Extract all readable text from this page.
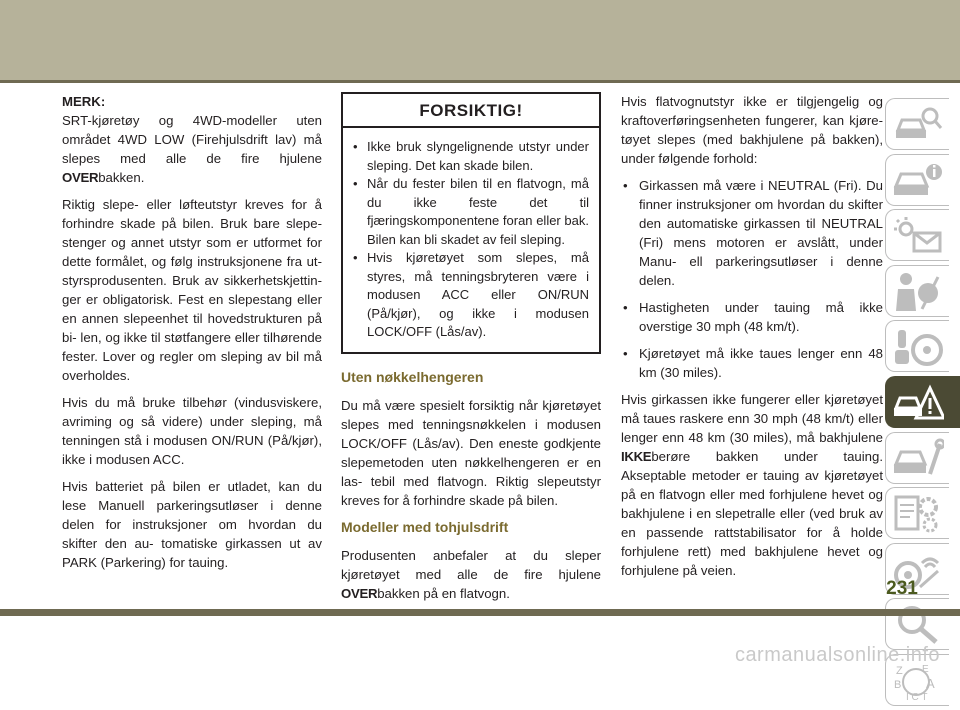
MERK:

SRT-kjøretøy og 4WD-modeller uten området 4WD LOW (Firehjulsdrift lav) må slepes med alle de fire hjulene OVERbakken.

Riktig slepe- eller løfteutstyr kreves for å forhindre skade på bilen. Bruk bare slepe- stenger og annet utstyr som er utformet for dette formålet, og følg instruksjonene fra ut- styrsprodusenten. Bruk av sikkerhetskjettin- ger er obligatorisk. Fest en slepestang eller en annen slepeenhet til hovedstrukturen på bi- len, og ikke til støtfangere eller tilhørende fester. Lover og regler om sleping av bil må overholdes.

Hvis du må bruke tilbehør (vindusviskere, avriming og så videre) under sleping, må tenningen stå i modusen ON/RUN (På/kjør), ikke i modusen ACC.

Hvis batteriet på bilen er utladet, kan du lese Manuell parkeringsutløser i denne delen for instruksjoner om hvordan du skifter den au- tomatiske girkassen ut av PARK (Parkering) for tauing.

FORSIKTIG!
• Ikke bruk slyngelignende utstyr under sleping. Det kan skade bilen.
• Når du fester bilen til en flatvogn, må du ikke feste det til fjæringskomponentene foran eller bak. Bilen kan bli skadet av feil sleping.
• Hvis kjøretøyet som slepes, må styres, må tenningsbryteren være i modusen ACC eller ON/RUN (På/kjør), og ikke i modusen LOCK/OFF (Lås/av).
Uten nøkkelhengeren

Du må være spesielt forsiktig når kjøretøyet slepes med tenningsnøkkelen i modusen LOCK/OFF (Lås/av). Den eneste godkjente slepemetoden uten nøkkelhengeren er en las- tebil med flatvogn. Riktig slepeutstyr kreves for å forhindre skade på bilen.

Modeller med tohjulsdrift

Produsenten anbefaler at du sleper kjøretøyet med alle de fire hjulene OVERbakken på en flatvogn.

Hvis flatvognutstyr ikke er tilgjengelig og kraftoverføringsenheten fungerer, kan kjøre- tøyet slepes (med bakhjulene på bakken), under følgende forhold:

• Girkassen må være i NEUTRAL (Fri). Du finner instruksjoner om hvordan du skifter den automatiske girkassen til NEUTRAL (Fri) mens motoren er avslått, under Manu- ell parkeringsutløser i denne delen.
• Hastigheten under tauing må ikke overstige 30 mph (48 km/t).
• Kjøretøyet må ikke taues lenger enn 48 km (30 miles).

Hvis girkassen ikke fungerer eller kjøretøyet må taues raskere enn 30 mph (48 km/t) eller lenger enn 48 km (30 miles), må bakhjulene IKKEberøre bakken under tauing. Akseptable metoder er tauing av kjøretøyet på en flatvogn eller med forhjulene hevet og bakhjulene i en slepetralle eller (ved bruk av en passende rattstabilisator for å holde forhjulene rett) med bakhjulene hevet og forhjulene på veien.

Z E
B A
I C T
231
carmanualsonline.info
